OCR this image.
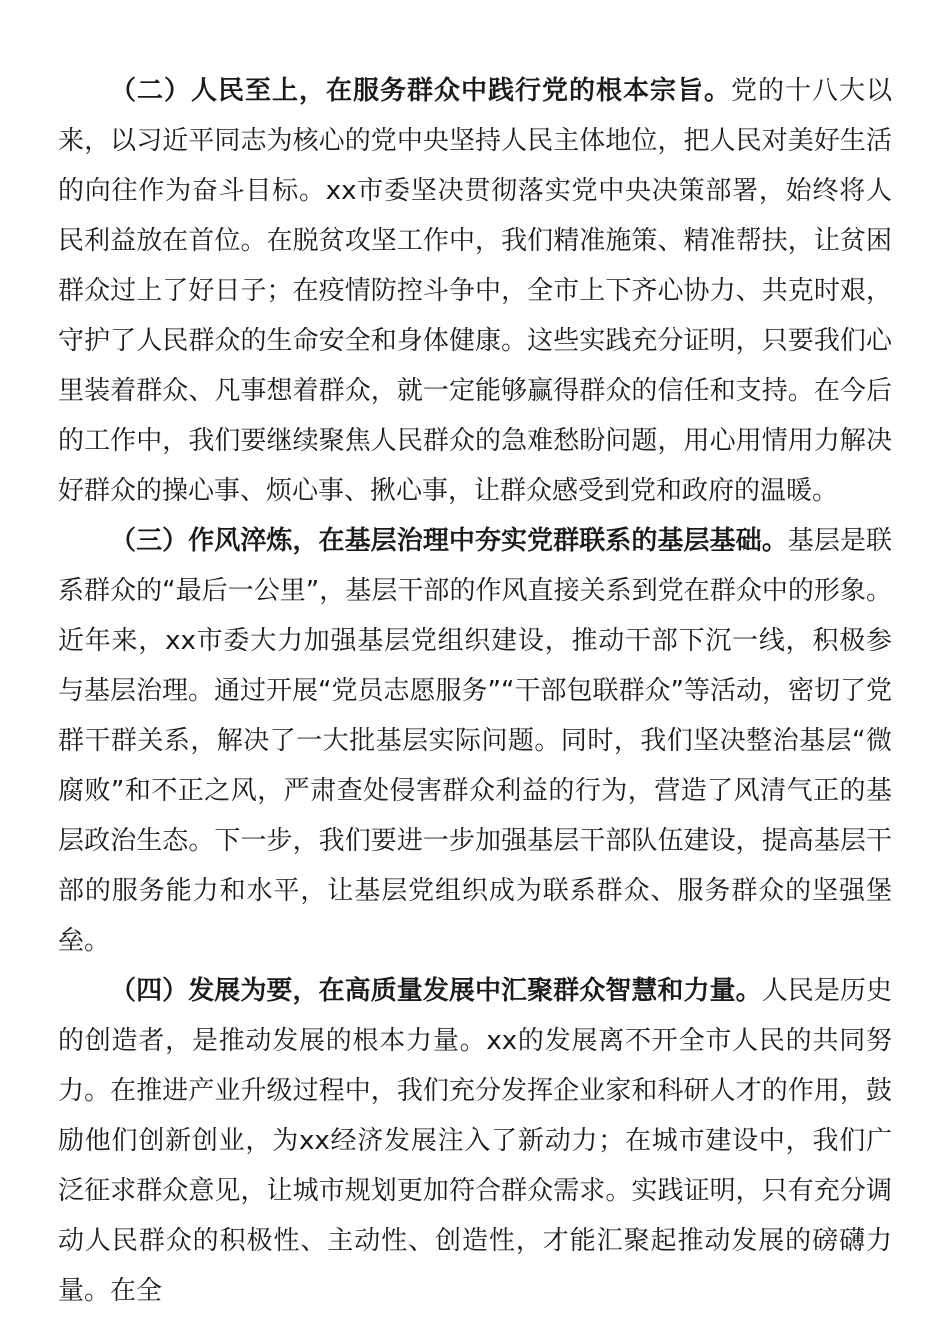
（二）人民至上，在服务群众中践行党的根本宗旨。党的十八大以来，以习近平同志为核心的党中央坚持人民主体地位，把人民对美好生活的向往作为奋斗目标。xx市委坚决贯彻落实党中央决策部署，始终将人民利益放在首位。在脱贫攻坚工作中，我们精准施策、精准帮扶，让贫困群众过上了好日子；在疫情防控斗争中，全市上下齐心协力、共克时艰，守护了人民群众的生命安全和身体健康。这些实践充分证明，只要我们心里装着群众、凡事想着群众，就一定能够赢得群众的信任和支持。在今后的工作中，我们要继续聚焦人民群众的急难愁盼问题，用心用情用力解决好群众的操心事、烦心事、揪心事，让群众感受到党和政府的温暖。

（三）作风淬炼，在基层治理中夯实党群联系的基层基础。基层是联系群众的“最后一公里”，基层干部的作风直接关系到党在群众中的形象。近年来，xx市委大力加强基层党组织建设，推动干部下沉一线，积极参与基层治理。通过开展“党员志愿服务”“干部包联群众”等活动，密切了党群干群关系，解决了一大批基层实际问题。同时，我们坚决整治基层“微腐败”和不正之风，严肃查处侵害群众利益的行为，营造了风清气正的基层政治生态。下一步，我们要进一步加强基层干部队伍建设，提高基层干部的服务能力和水平，让基层党组织成为联系群众、服务群众的坚强堡垒。

（四）发展为要，在高质量发展中汇聚群众智慧和力量。人民是历史的创造者，是推动发展的根本力量。xx的发展离不开全市人民的共同努力。在推进产业升级过程中，我们充分发挥企业家和科研人才的作用，鼓励他们创新创业，为xx经济发展注入了新动力；在城市建设中，我们广泛征求群众意见，让城市规划更加符合群众需求。实践证明，只有充分调动人民群众的积极性、主动性、创造性，才能汇聚起推动发展的磅礴力量。在全
